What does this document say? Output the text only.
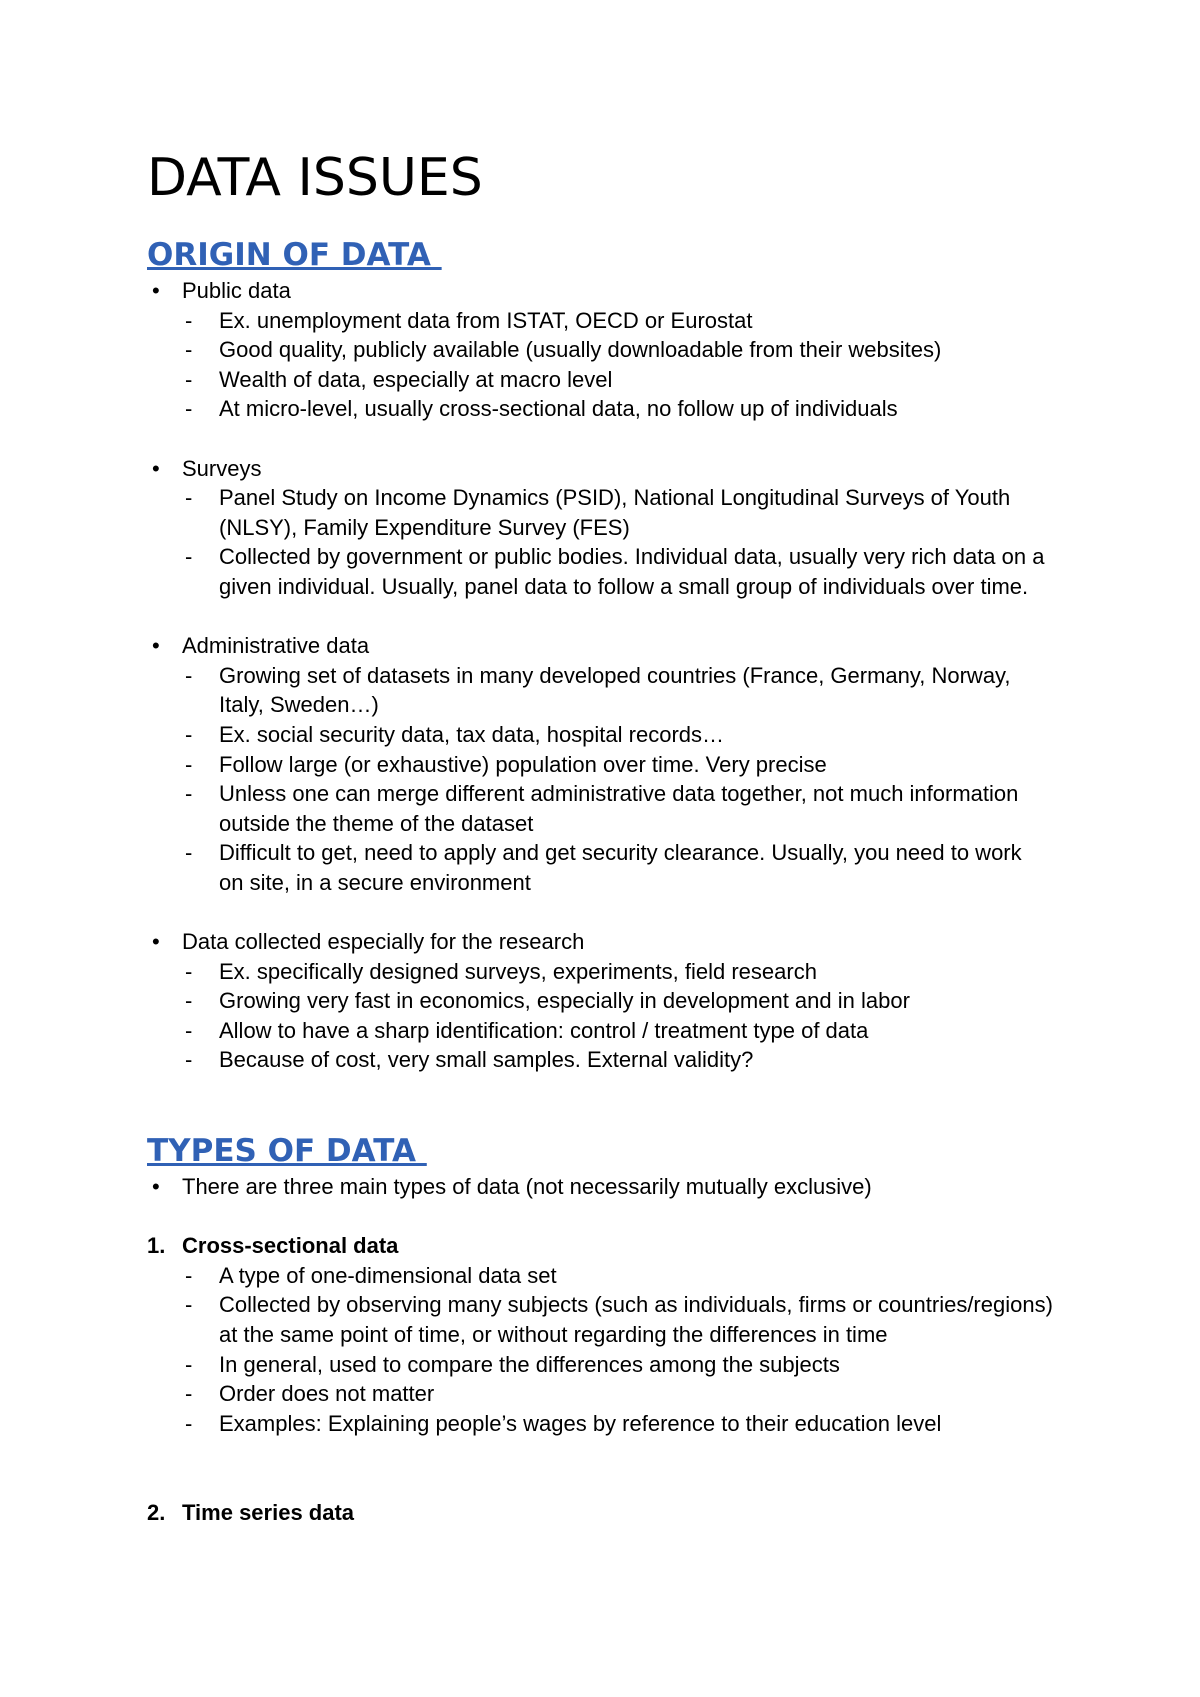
DATA ISSUES
ORIGIN OF DATA
• Public data
- Ex. unemployment data from ISTAT, OECD or Eurostat
- Good quality, publicly available (usually downloadable from their websites)
- Wealth of data, especially at macro level
- At micro-level, usually cross-sectional data, no follow up of individuals
• Surveys
- Panel Study on Income Dynamics (PSID), National Longitudinal Surveys of Youth
(NLSY), Family Expenditure Survey (FES)
- Collected by government or public bodies. Individual data, usually very rich data on a
given individual. Usually, panel data to follow a small group of individuals over time.
• Administrative data
- Growing set of datasets in many developed countries (France, Germany, Norway,
Italy, Sweden…)
- Ex. social security data, tax data, hospital records…
- Follow large (or exhaustive) population over time. Very precise
- Unless one can merge different administrative data together, not much information
outside the theme of the dataset
- Difficult to get, need to apply and get security clearance. Usually, you need to work
on site, in a secure environment
• Data collected especially for the research
- Ex. specifically designed surveys, experiments, field research
- Growing very fast in economics, especially in development and in labor
- Allow to have a sharp identification: control / treatment type of data
- Because of cost, very small samples. External validity?
TYPES OF DATA
• There are three main types of data (not necessarily mutually exclusive)
1. Cross-sectional data
- A type of one-dimensional data set
- Collected by observing many subjects (such as individuals, firms or countries/regions)
at the same point of time, or without regarding the differences in time
- In general, used to compare the differences among the subjects
- Order does not matter
- Examples: Explaining people’s wages by reference to their education level
2. Time series data
